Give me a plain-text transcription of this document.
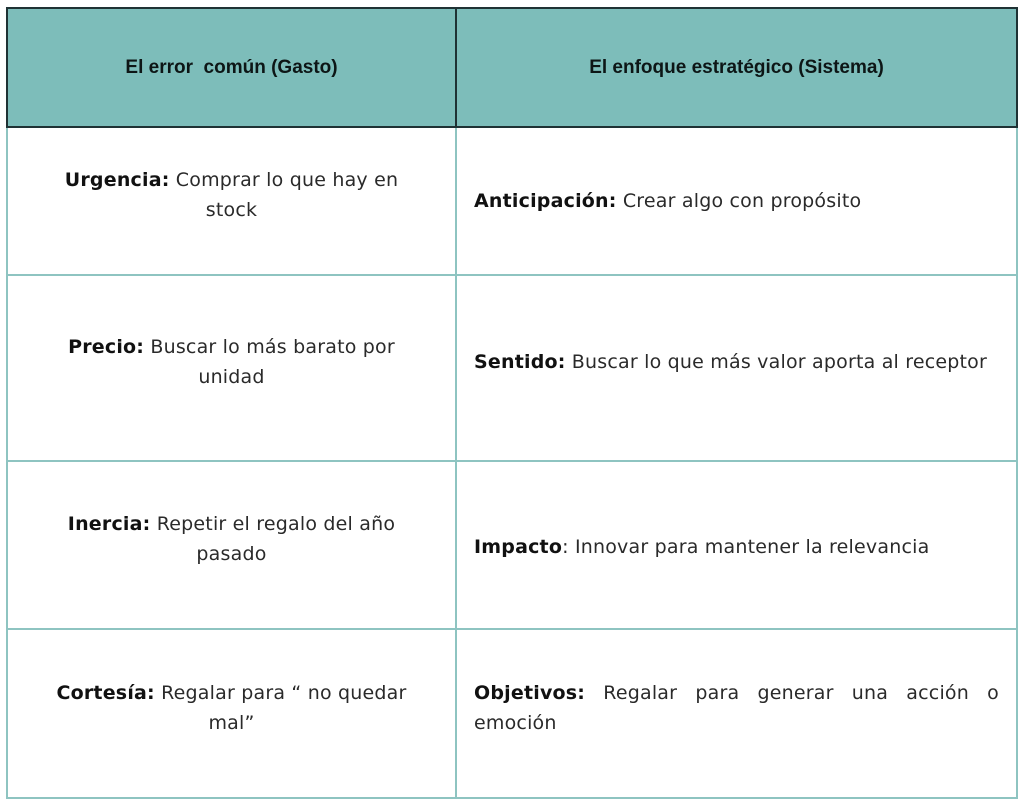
El error  común (Gasto)	El enfoque estratégico (Sistema)

Urgencia: Comprar lo que hay en stock	Anticipación: Crear algo con propósito

Precio: Buscar lo más barato por unidad	Sentido: Buscar lo que más valor aporta al receptor

Inercia: Repetir el regalo del año pasado	Impacto: Innovar para mantener la relevancia

Cortesía: Regalar para “ no quedar mal”	Objetivos: Regalar para generar una acción o emoción
